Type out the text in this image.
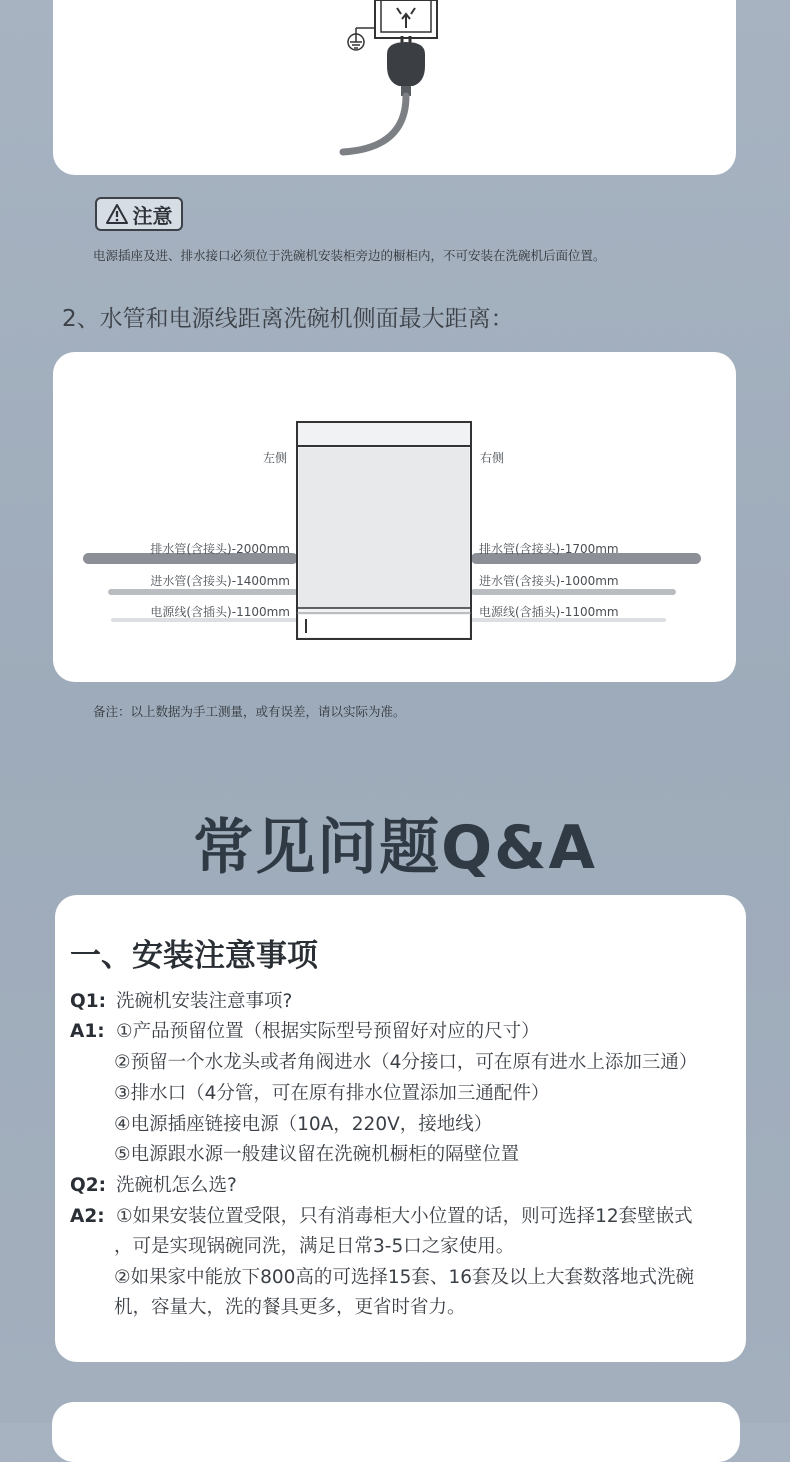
注意
电源插座及进、排水接口必须位于洗碗机安装柜旁边的橱柜内，不可安装在洗碗机后面位置。
2、水管和电源线距离洗碗机侧面最大距离：
左侧	右侧
排水管(含接头)-2000mm
进水管(含接头)-1400mm
电源线(含插头)-1100mm
排水管(含接头)-1700mm
进水管(含接头)-1000mm
电源线(含插头)-1100mm
备注：以上数据为手工测量，或有误差，请以实际为准。
常见问题Q&A
一、安装注意事项
Q1: 洗碗机安装注意事项?
A1: ①产品预留位置（根据实际型号预留好对应的尺寸）
②预留一个水龙头或者角阀进水（4分接口，可在原有进水上添加三通）
③排水口（4分管，可在原有排水位置添加三通配件）
④电源插座链接电源（10A，220V，接地线）
⑤电源跟水源一般建议留在洗碗机橱柜的隔壁位置
Q2: 洗碗机怎么选?
A2: ①如果安装位置受限，只有消毒柜大小位置的话，则可选择12套壁嵌式
，可是实现锅碗同洗，满足日常3-5口之家使用。
②如果家中能放下800高的可选择15套、16套及以上大套数落地式洗碗
机，容量大，洗的餐具更多，更省时省力。
